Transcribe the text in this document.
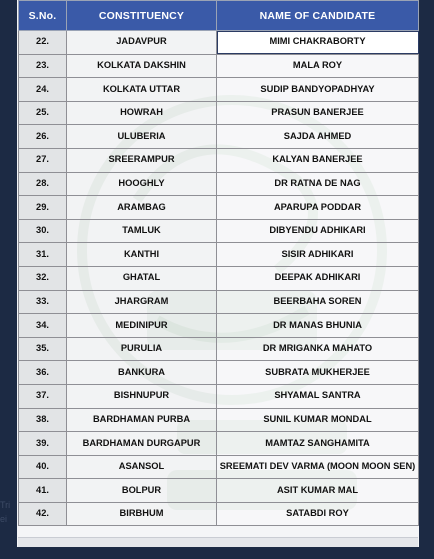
Tri ei
S.No.	CONSTITUENCY	NAME OF CANDIDATE
22.	JADAVPUR	MIMI CHAKRABORTY
23.	KOLKATA DAKSHIN	MALA ROY
24.	KOLKATA UTTAR	SUDIP BANDYOPADHYAY
25.	HOWRAH	PRASUN BANERJEE
26.	ULUBERIA	SAJDA AHMED
27.	SREERAMPUR	KALYAN BANERJEE
28.	HOOGHLY	DR RATNA DE NAG
29.	ARAMBAG	APARUPA PODDAR
30.	TAMLUK	DIBYENDU ADHIKARI
31.	KANTHI	SISIR ADHIKARI
32.	GHATAL	DEEPAK ADHIKARI
33.	JHARGRAM	BEERBAHA SOREN
34.	MEDINIPUR	DR MANAS BHUNIA
35.	PURULIA	DR MRIGANKA MAHATO
36.	BANKURA	SUBRATA MUKHERJEE
37.	BISHNUPUR	SHYAMAL SANTRA
38.	BARDHAMAN PURBA	SUNIL KUMAR MONDAL
39.	BARDHAMAN DURGAPUR	MAMTAZ SANGHAMITA
40.	ASANSOL	SREEMATI DEV VARMA (MOON MOON SEN)
41.	BOLPUR	ASIT KUMAR MAL
42.	BIRBHUM	SATABDI ROY
